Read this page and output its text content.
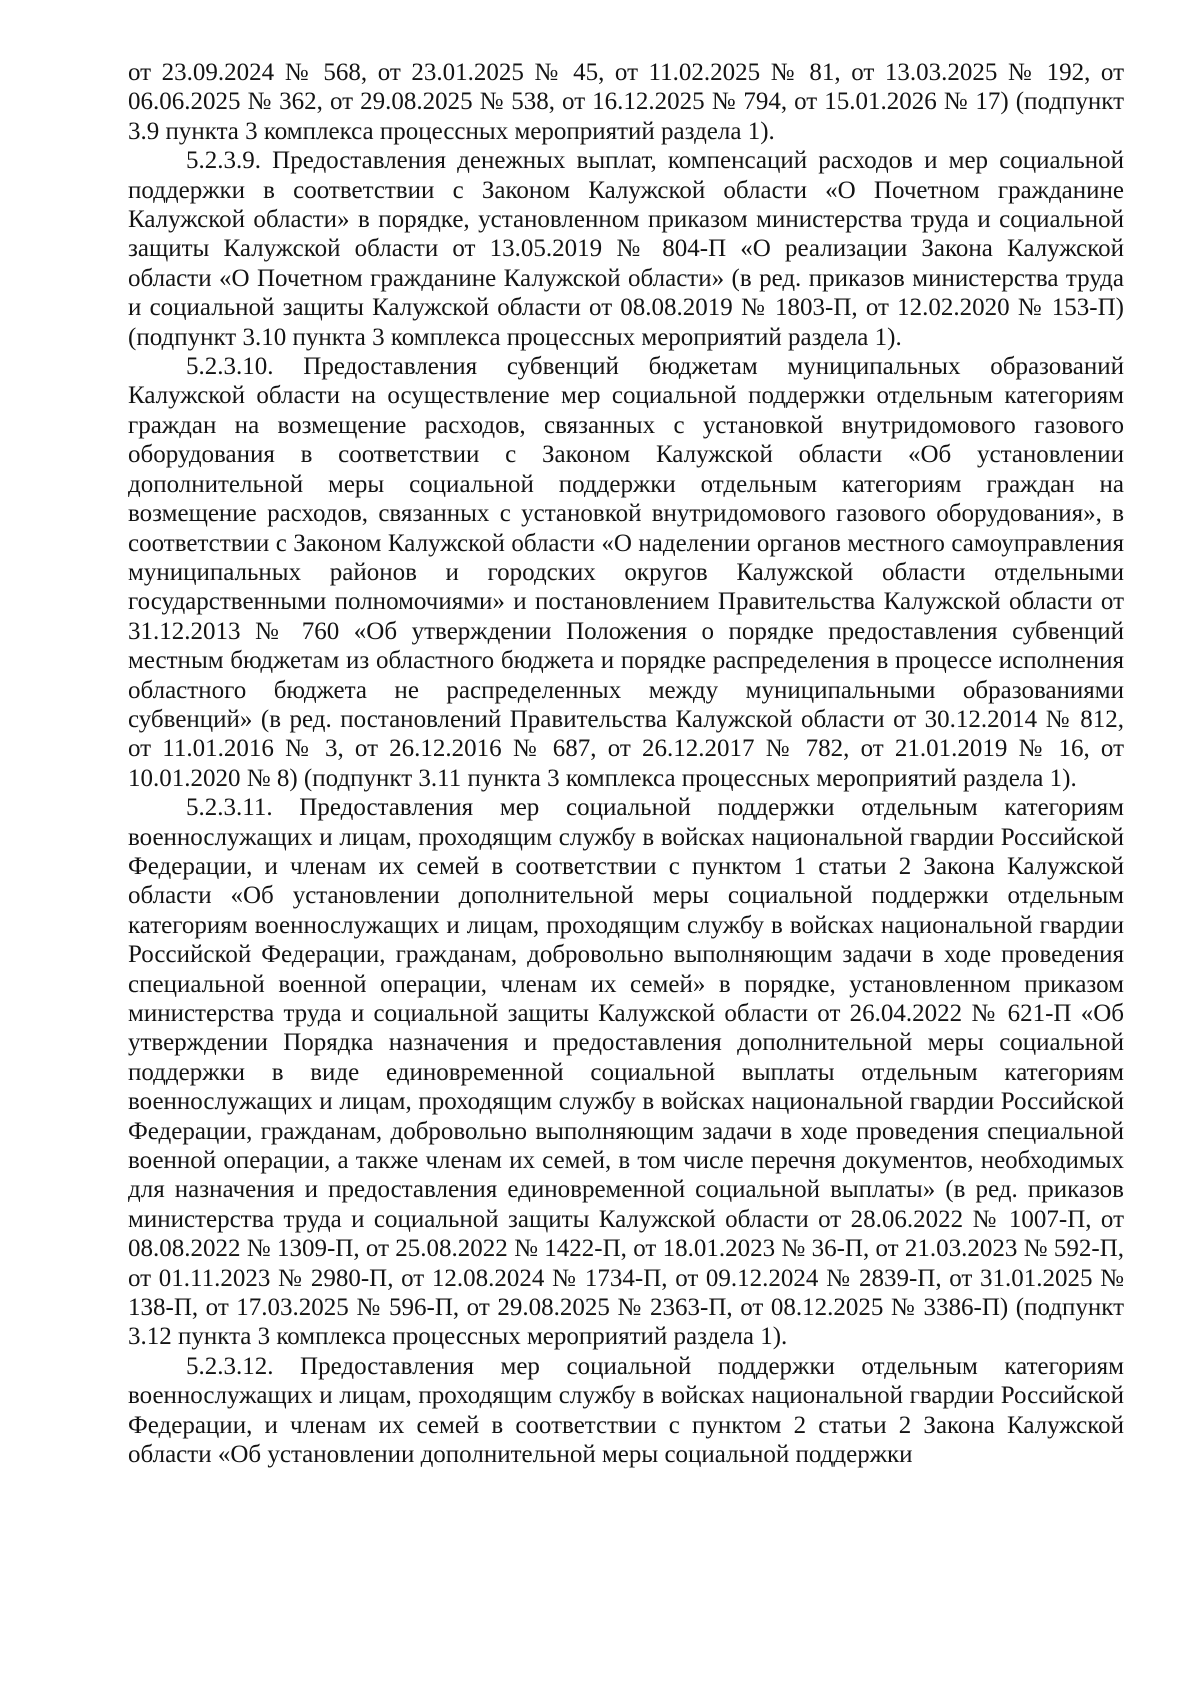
от 23.09.2024 № 568, от 23.01.2025 № 45, от 11.02.2025 № 81, от 13.03.2025 № 192, от 06.06.2025 № 362, от 29.08.2025 № 538, от 16.12.2025 № 794, от 15.01.2026 № 17) (подпункт 3.9 пункта 3 комплекса процессных мероприятий раздела 1).

5.2.3.9. Предоставления денежных выплат, компенсаций расходов и мер социальной поддержки в соответствии с Законом Калужской области «О Почетном гражданине Калужской области» в порядке, установленном приказом министерства труда и социальной защиты Калужской области от 13.05.2019 № 804-П «О реализации Закона Калужской области «О Почетном гражданине Калужской области» (в ред. приказов министерства труда и социальной защиты Калужской области от 08.08.2019 № 1803-П, от 12.02.2020 № 153-П) (подпункт 3.10 пункта 3 комплекса процессных мероприятий раздела 1).

5.2.3.10. Предоставления субвенций бюджетам муниципальных образований Калужской области на осуществление мер социальной поддержки отдельным категориям граждан на возмещение расходов, связанных с установкой внутридомового газового оборудования в соответствии с Законом Калужской области «Об установлении дополнительной меры социальной поддержки отдельным категориям граждан на возмещение расходов, связанных с установкой внутридомового газового оборудования», в соответствии с Законом Калужской области «О наделении органов местного самоуправления муниципальных районов и городских округов Калужской области отдельными государственными полномочиями» и постановлением Правительства Калужской области от 31.12.2013 № 760 «Об утверждении Положения о порядке предоставления субвенций местным бюджетам из областного бюджета и порядке распределения в процессе исполнения областного бюджета не распределенных между муниципальными образованиями субвенций» (в ред. постановлений Правительства Калужской области от 30.12.2014 № 812, от 11.01.2016 № 3, от 26.12.2016 № 687, от 26.12.2017 № 782, от 21.01.2019 № 16, от 10.01.2020 № 8) (подпункт 3.11 пункта 3 комплекса процессных мероприятий раздела 1).

5.2.3.11. Предоставления мер социальной поддержки отдельным категориям военнослужащих и лицам, проходящим службу в войсках национальной гвардии Российской Федерации, и членам их семей в соответствии с пунктом 1 статьи 2 Закона Калужской области «Об установлении дополнительной меры социальной поддержки отдельным категориям военнослужащих и лицам, проходящим службу в войсках национальной гвардии Российской Федерации, гражданам, добровольно выполняющим задачи в ходе проведения специальной военной операции, членам их семей» в порядке, установленном приказом министерства труда и социальной защиты Калужской области от 26.04.2022 № 621-П «Об утверждении Порядка назначения и предоставления дополнительной меры социальной поддержки в виде единовременной социальной выплаты отдельным категориям военнослужащих и лицам, проходящим службу в войсках национальной гвардии Российской Федерации, гражданам, добровольно выполняющим задачи в ходе проведения специальной военной операции, а также членам их семей, в том числе перечня документов, необходимых для назначения и предоставления единовременной социальной выплаты» (в ред. приказов министерства труда и социальной защиты Калужской области от 28.06.2022 № 1007-П, от 08.08.2022 № 1309-П, от 25.08.2022 № 1422-П, от 18.01.2023 № 36-П, от 21.03.2023 № 592-П, от 01.11.2023 № 2980-П, от 12.08.2024 № 1734-П, от 09.12.2024 № 2839-П, от 31.01.2025 № 138-П, от 17.03.2025 № 596-П, от 29.08.2025 № 2363-П, от 08.12.2025 № 3386-П) (подпункт 3.12 пункта 3 комплекса процессных мероприятий раздела 1).

5.2.3.12. Предоставления мер социальной поддержки отдельным категориям военнослужащих и лицам, проходящим службу в войсках национальной гвардии Российской Федерации, и членам их семей в соответствии с пунктом 2 статьи 2 Закона Калужской области «Об установлении дополнительной меры социальной поддержки
